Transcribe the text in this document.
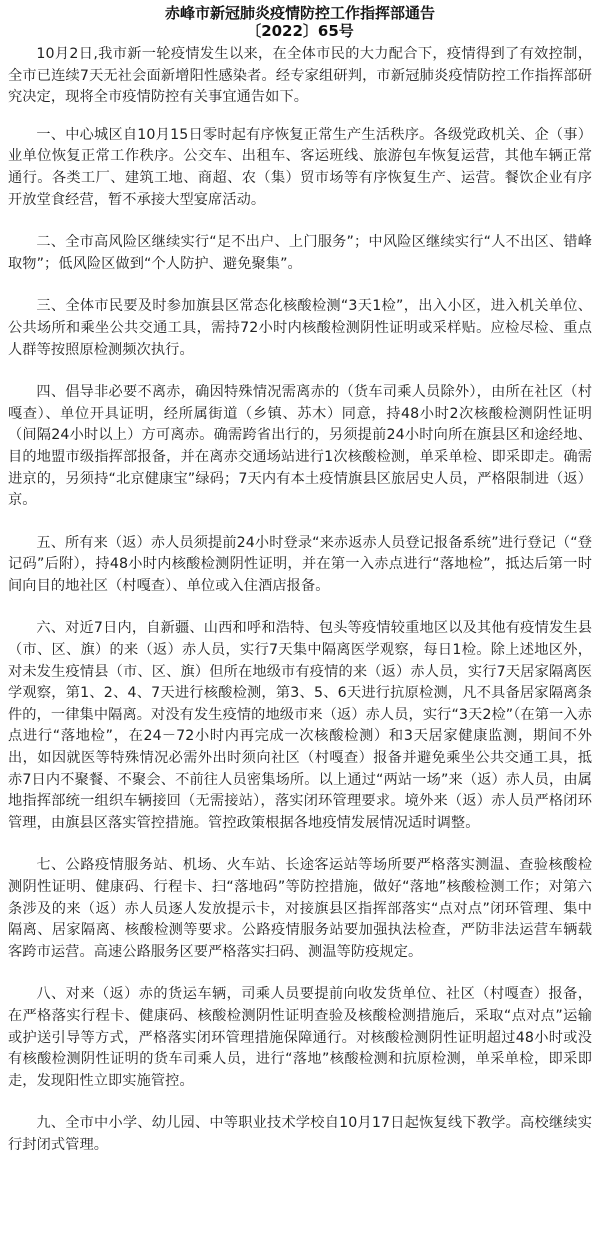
赤峰市新冠肺炎疫情防控工作指挥部通告
〔2022〕65号

10月2日,我市新一轮疫情发生以来，在全体市民的大力配合下，疫情得到了有效控制，全市已连续7天无社会面新增阳性感染者。经专家组研判，市新冠肺炎疫情防控工作指挥部研究决定，现将全市疫情防控有关事宜通告如下。

一、中心城区自10月15日零时起有序恢复正常生产生活秩序。各级党政机关、企（事）业单位恢复正常工作秩序。公交车、出租车、客运班线、旅游包车恢复运营，其他车辆正常通行。各类工厂、建筑工地、商超、农（集）贸市场等有序恢复生产、运营。餐饮企业有序开放堂食经营，暂不承接大型宴席活动。

二、全市高风险区继续实行“足不出户、上门服务”；中风险区继续实行“人不出区、错峰取物”；低风险区做到“个人防护、避免聚集”。

三、全体市民要及时参加旗县区常态化核酸检测“3天1检”，出入小区，进入机关单位、公共场所和乘坐公共交通工具，需持72小时内核酸检测阴性证明或采样贴。应检尽检、重点人群等按照原检测频次执行。

四、倡导非必要不离赤，确因特殊情况需离赤的（货车司乘人员除外），由所在社区（村嘎查）、单位开具证明，经所属街道（乡镇、苏木）同意，持48小时2次核酸检测阴性证明（间隔24小时以上）方可离赤。确需跨省出行的，另须提前24小时向所在旗县区和途经地、目的地盟市级指挥部报备，并在离赤交通场站进行1次核酸检测，单采单检、即采即走。确需进京的，另须持“北京健康宝”绿码；7天内有本土疫情旗县区旅居史人员，严格限制进（返）京。

五、所有来（返）赤人员须提前24小时登录“来赤返赤人员登记报备系统”进行登记（“登记码”后附），持48小时内核酸检测阴性证明，并在第一入赤点进行“落地检”，抵达后第一时间向目的地社区（村嘎查）、单位或入住酒店报备。

六、对近7日内，自新疆、山西和呼和浩特、包头等疫情较重地区以及其他有疫情发生县（市、区、旗）的来（返）赤人员，实行7天集中隔离医学观察，每日1检。除上述地区外，对未发生疫情县（市、区、旗）但所在地级市有疫情的来（返）赤人员，实行7天居家隔离医学观察，第1、2、4、7天进行核酸检测，第3、5、6天进行抗原检测，凡不具备居家隔离条件的，一律集中隔离。对没有发生疫情的地级市来（返）赤人员，实行“3天2检”（在第一入赤点进行“落地检”，在24－72小时内再完成一次核酸检测）和3天居家健康监测，期间不外出，如因就医等特殊情况必需外出时须向社区（村嘎查）报备并避免乘坐公共交通工具，抵赤7日内不聚餐、不聚会、不前往人员密集场所。以上通过“两站一场”来（返）赤人员，由属地指挥部统一组织车辆接回（无需接站），落实闭环管理要求。境外来（返）赤人员严格闭环管理，由旗县区落实管控措施。管控政策根据各地疫情发展情况适时调整。

七、公路疫情服务站、机场、火车站、长途客运站等场所要严格落实测温、查验核酸检测阴性证明、健康码、行程卡、扫“落地码”等防控措施，做好“落地”核酸检测工作；对第六条涉及的来（返）赤人员逐人发放提示卡，对接旗县区指挥部落实“点对点”闭环管理、集中隔离、居家隔离、核酸检测等要求。公路疫情服务站要加强执法检查，严防非法运营车辆载客跨市运营。高速公路服务区要严格落实扫码、测温等防疫规定。

八、对来（返）赤的货运车辆，司乘人员要提前向收发货单位、社区（村嘎查）报备，在严格落实行程卡、健康码、核酸检测阴性证明查验及核酸检测措施后，采取“点对点”运输或护送引导等方式，严格落实闭环管理措施保障通行。对核酸检测阴性证明超过48小时或没有核酸检测阴性证明的货车司乘人员，进行“落地”核酸检测和抗原检测，单采单检，即采即走，发现阳性立即实施管控。

九、全市中小学、幼儿园、中等职业技术学校自10月17日起恢复线下教学。高校继续实行封闭式管理。
